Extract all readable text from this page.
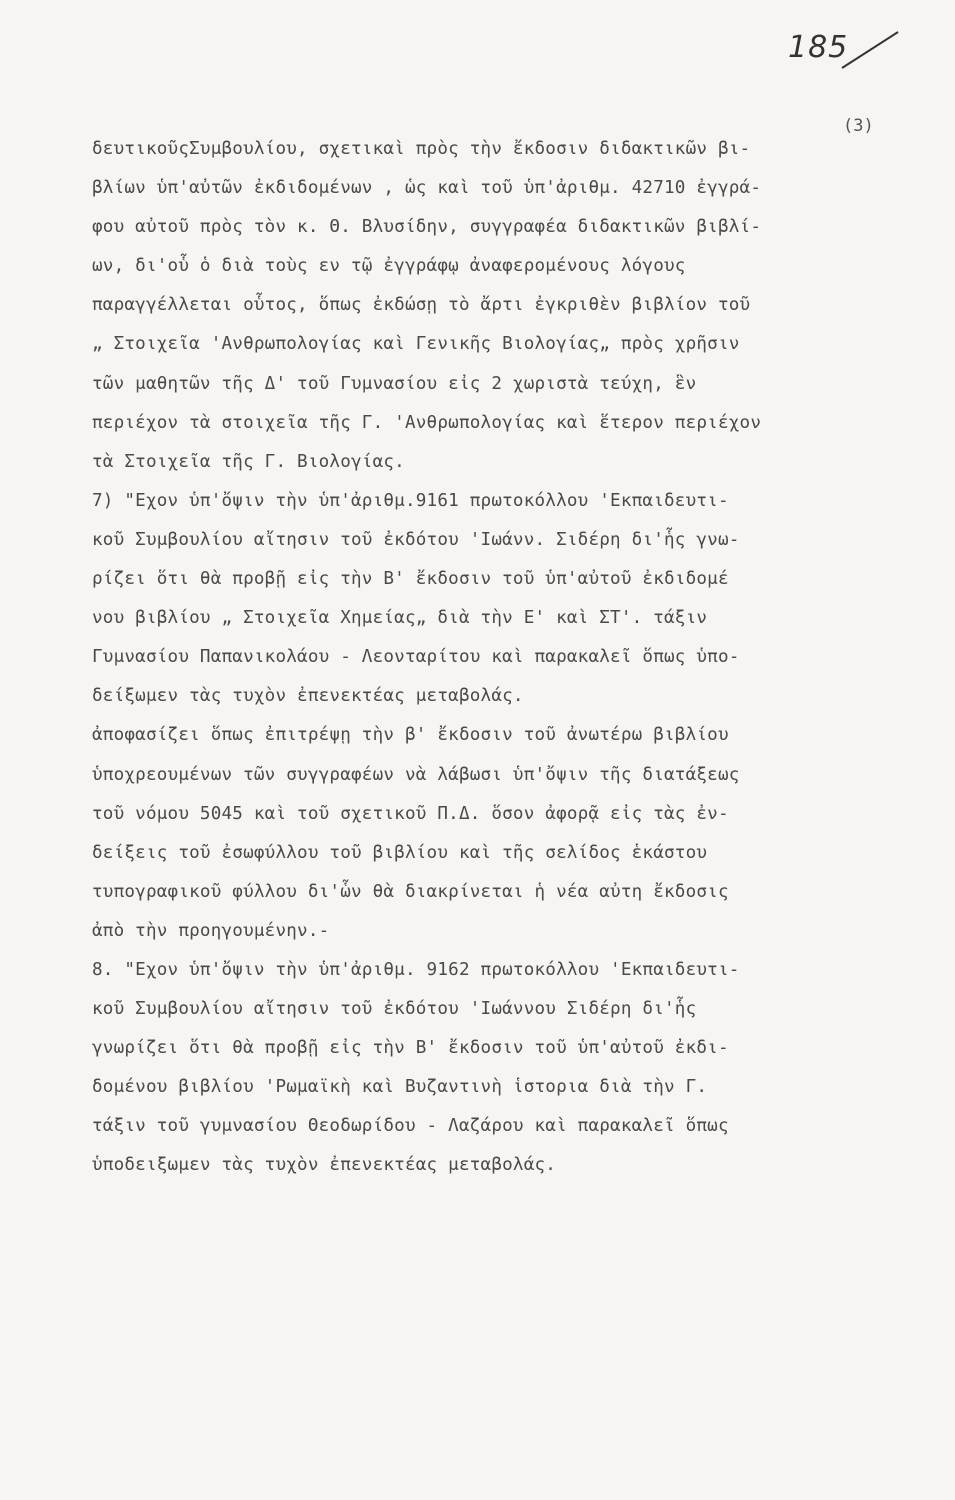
185
(3)
δευτικοῦςΣυμβουλίου, σχετικαὶ πρὸς τὴν ἔκδοσιν διδακτικῶν βι-
βλίων ὑπ'αὐτῶν ἐκδιδομένων , ὡς καὶ τοῦ ὑπ'ἀριθμ. 42710 ἐγγρά-
φου αὐτοῦ πρὸς τὸν κ. Θ. Βλυσίδην, συγγραφέα διδακτικῶν βιβλί-
ων, δι'οὗ ὁ διὰ τοὺς εν τῷ ἐγγράφῳ ἀναφερομένους λόγους
παραγγέλλεται οὗτος, ὅπως ἐκδώσῃ τὸ ἄρτι ἐγκριθὲν βιβλίον τοῦ
„ Στοιχεῖα 'Ανθρωπολογίας καὶ Γενικῆς Βιολογίας„ πρὸς χρῆσιν
τῶν μαθητῶν τῆς Δ' τοῦ Γυμνασίου εἰς 2 χωριστὰ τεύχη, ἓν
περιέχον τὰ στοιχεῖα τῆς Γ. 'Ανθρωπολογίας καὶ ἕτερον περιέχον
τὰ Στοιχεῖα τῆς Γ. Βιολογίας.
7) "Εχον ὑπ'ὄψιν τὴν ὑπ'ἀριθμ.9161 πρωτοκόλλου 'Εκπαιδευτι-
κοῦ Συμβουλίου αἴτησιν τοῦ ἐκδότου 'Ιωάνν. Σιδέρη δι'ἧς γνω-
ρίζει ὅτι θὰ προβῇ εἰς τὴν Β' ἔκδοσιν τοῦ ὑπ'αὐτοῦ ἐκδιδομέ
νου βιβλίου „ Στοιχεῖα Χημείας„ διὰ τὴν Ε' καὶ ΣΤ'. τάξιν
Γυμνασίου Παπανικολάου - Λεονταρίτου καὶ παρακαλεῖ ὅπως ὑπο-
δείξωμεν τὰς τυχὸν ἐπενεκτέας μεταβολάς.
ἀποφασίζει ὅπως ἐπιτρέψῃ τὴν β' ἔκδοσιν τοῦ ἀνωτέρω βιβλίου
ὑποχρεουμένων τῶν συγγραφέων νὰ λάβωσι ὑπ'ὄψιν τῆς διατάξεως
τοῦ νόμου 5045 καὶ τοῦ σχετικοῦ Π.Δ. ὅσον ἀφορᾷ εἰς τὰς ἐν-
δείξεις τοῦ ἐσωφύλλου τοῦ βιβλίου καὶ τῆς σελίδος ἑκάστου
τυπογραφικοῦ φύλλου δι'ὧν θὰ διακρίνεται ἡ νέα αὐτη ἔκδοσις
ἀπὸ τὴν προηγουμένην.-
8. "Εχον ὑπ'ὄψιν τὴν ὑπ'ἀριθμ. 9162 πρωτοκόλλου 'Εκπαιδευτι-
κοῦ Συμβουλίου αἴτησιν τοῦ ἐκδότου 'Ιωάννου Σιδέρη δι'ἧς
γνωρίζει ὅτι θὰ προβῇ εἰς τὴν Β' ἔκδοσιν τοῦ ὑπ'αὐτοῦ ἐκδι-
δομένου βιβλίου 'Ρωμαϊκὴ καὶ Βυζαντινὴ ἱστορια διὰ τὴν Γ.
τάξιν τοῦ γυμνασίου Θεοδωρίδου - Λαζάρου καὶ παρακαλεῖ ὅπως
ὑποδειξωμεν τὰς τυχὸν ἐπενεκτέας μεταβολάς.
